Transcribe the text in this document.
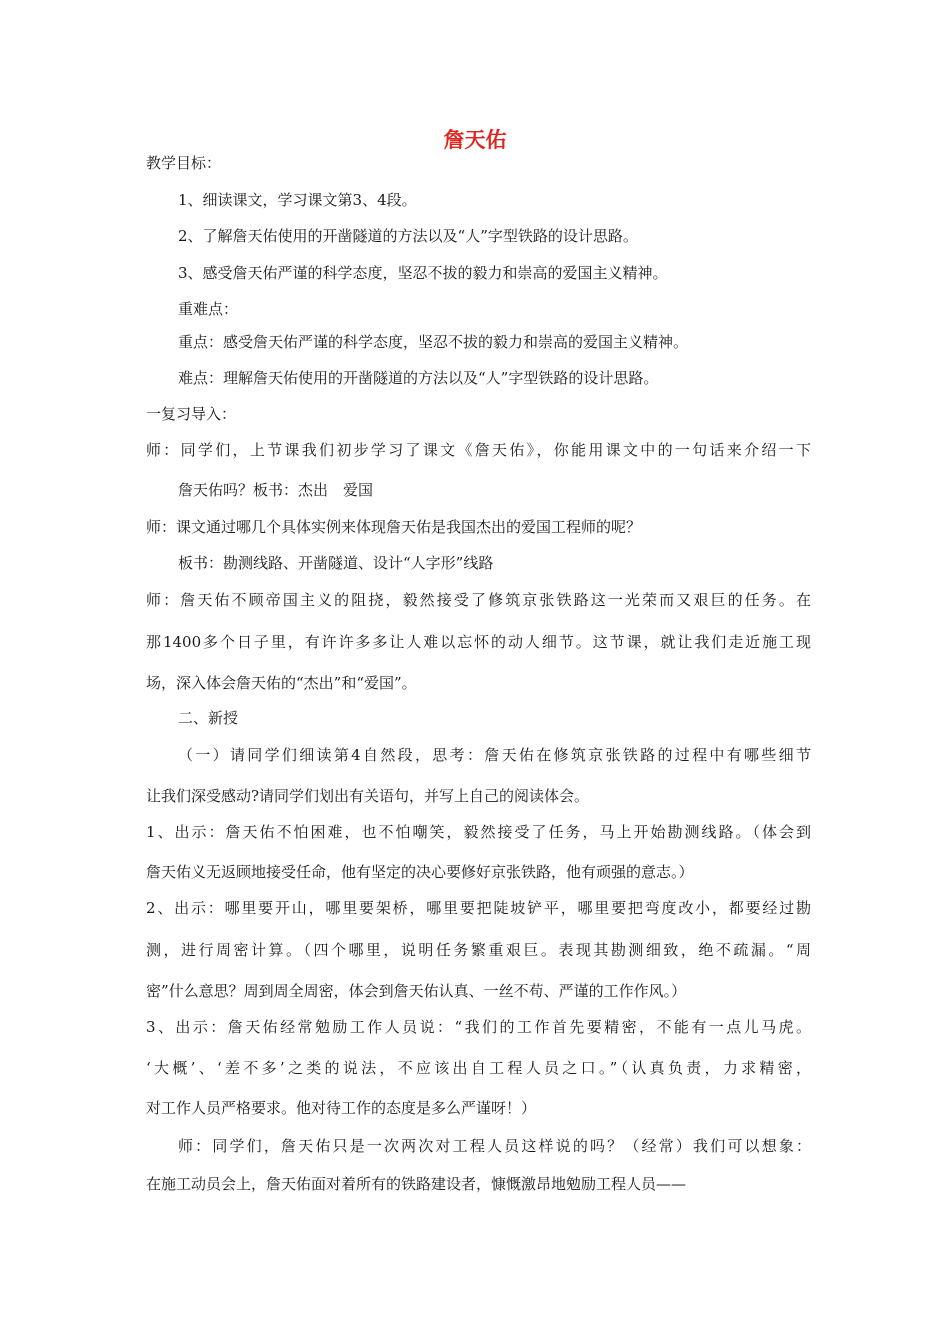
詹天佑

教学目标：

1、细读课文，学习课文第3、4段。

2、了解詹天佑使用的开凿隧道的方法以及“人”字型铁路的设计思路。

3、感受詹天佑严谨的科学态度，坚忍不拔的毅力和崇高的爱国主义精神。

重难点：

重点：感受詹天佑严谨的科学态度，坚忍不拔的毅力和崇高的爱国主义精神。

难点：理解詹天佑使用的开凿隧道的方法以及“人”字型铁路的设计思路。

一复习导入：

师：同学们，上节课我们初步学习了课文《詹天佑》，你能用课文中的一句话来介绍一下

詹天佑吗？板书：杰出　爱国

师：课文通过哪几个具体实例来体现詹天佑是我国杰出的爱国工程师的呢？

板书：勘测线路、开凿隧道、设计“人字形”线路

师：詹天佑不顾帝国主义的阻挠，毅然接受了修筑京张铁路这一光荣而又艰巨的任务。在

那1400多个日子里，有许许多多让人难以忘怀的动人细节。这节课，就让我们走近施工现

场，深入体会詹天佑的“杰出”和“爱国”。

二、新授

（一）请同学们细读第4自然段，思考：詹天佑在修筑京张铁路的过程中有哪些细节

让我们深受感动?请同学们划出有关语句，并写上自己的阅读体会。

1、出示：詹天佑不怕困难，也不怕嘲笑，毅然接受了任务，马上开始勘测线路。（体会到

詹天佑义无返顾地接受任命，他有坚定的决心要修好京张铁路，他有顽强的意志。）

2、出示：哪里要开山，哪里要架桥，哪里要把陡坡铲平，哪里要把弯度改小，都要经过勘

测，进行周密计算。（四个哪里，说明任务繁重艰巨。表现其勘测细致，绝不疏漏。“周

密”什么意思？周到周全周密，体会到詹天佑认真、一丝不苟、严谨的工作作风。）

3、出示：詹天佑经常勉励工作人员说：“我们的工作首先要精密，不能有一点儿马虎。

‘大概’、‘差不多’之类的说法，不应该出自工程人员之口。”（认真负责，力求精密，

对工作人员严格要求。他对待工作的态度是多么严谨呀！）

师：同学们，詹天佑只是一次两次对工程人员这样说的吗？（经常）我们可以想象：

在施工动员会上，詹天佑面对着所有的铁路建设者，慷慨激昂地勉励工程人员——
